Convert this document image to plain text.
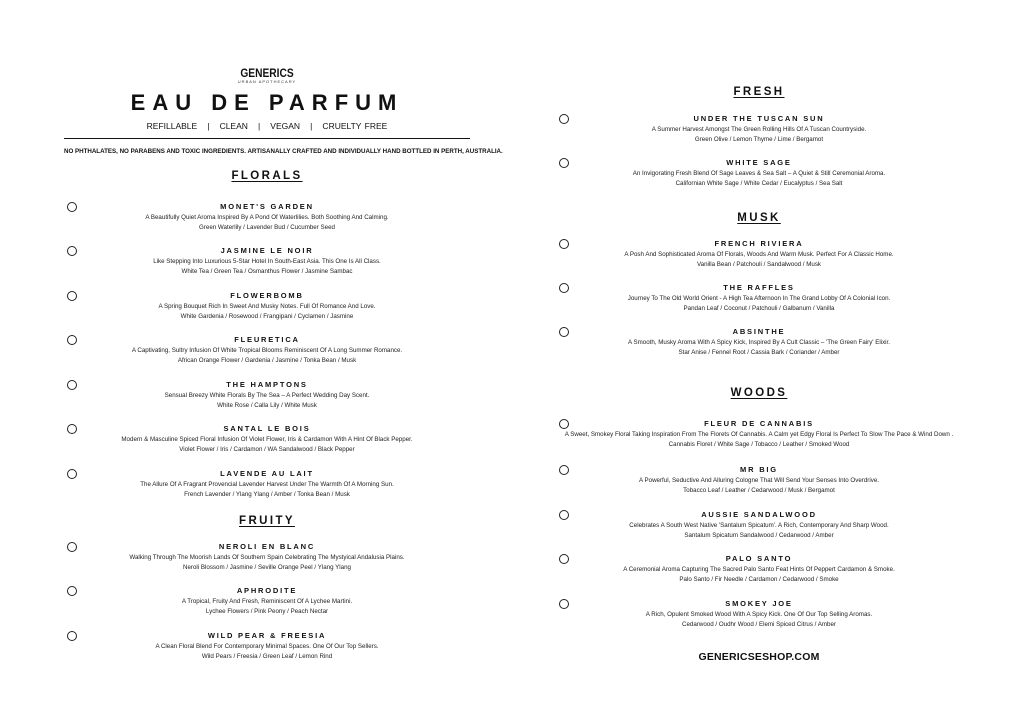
GENERICS
URBAN APOTHECARY
EAU DE PARFUM
REFILLABLE   |   CLEAN   |   VEGAN   |   CRUELTY FREE
NO PHTHALATES, NO PARABENS AND TOXIC INGREDIENTS. ARTISANALLY CRAFTED AND INDIVIDUALLY HAND BOTTLED IN PERTH, AUSTRALIA.
FLORALS
MONET'S GARDEN
A Beautifully Quiet Aroma Inspired By A Pond Of Waterlilies. Both Soothing And Calming.
Green Waterlily / Lavender Bud / Cucumber Seed
JASMINE LE NOIR
Like Stepping Into Luxurious 5-Star Hotel In South-East Asia. This One Is All Class.
White Tea / Green Tea / Osmanthus Flower / Jasmine Sambac
FLOWERBOMB
A Spring Bouquet Rich In Sweet And Musky Notes. Full Of Romance And Love.
White Gardenia / Rosewood / Frangipani / Cyclamen / Jasmine
FLEURETICA
A Captivating, Sultry Infusion Of White Tropical Blooms Reminiscent Of A Long Summer Romance.
African Orange Flower / Gardenia / Jasmine / Tonka Bean / Musk
THE HAMPTONS
Sensual Breezy White Florals By The Sea – A Perfect Wedding Day Scent.
White Rose / Calla Lily / White Musk
SANTAL LE BOIS
Modern & Masculine Spiced Floral Infusion Of Violet Flower, Iris & Cardamon With A Hint Of Black Pepper.
Violet Flower / Iris / Cardamon / WA Sandalwood / Black Pepper
LAVENDE AU LAIT
The Allure Of A Fragrant Provencial Lavender Harvest Under The Warmth Of A Morning Sun.
French Lavender / Ylang Ylang / Amber / Tonka Bean / Musk
FRUITY
NEROLI EN BLANC
Walking Through The Moorish Lands Of Southern Spain Celebrating The Mystyical Andalusia Plains.
Neroli Blossom / Jasmine / Seville Orange Peel / Ylang Ylang
APHRODITE
A Tropical, Fruity And Fresh, Reminiscent Of A Lychee Martini.
Lychee Flowers / Pink Peony / Peach Nectar
WILD PEAR & FREESIA
A Clean Floral Blend For Contemporary Minimal Spaces. One Of Our Top Sellers.
Wild Pears / Freesia / Green Leaf / Lemon Rind
FRESH
UNDER THE TUSCAN SUN
A Summer Harvest Amongst The Green Rolling Hills Of A Tuscan Countryside.
Green Olive / Lemon Thyme / Lime / Bergamot
WHITE SAGE
An Invigorating Fresh Blend Of Sage Leaves & Sea Salt – A Quiet & Still Ceremonial Aroma.
Californian White Sage / White Cedar / Eucalyptus / Sea Salt
MUSK
FRENCH RIVIERA
A Posh And Sophisticated Aroma Of Florals, Woods And Warm Musk. Perfect For A Classic Home.
Vanilla Bean / Patchouli / Sandalwood / Musk
THE RAFFLES
Journey To The Old World Orient - A High Tea Afternoon In The Grand Lobby Of A Colonial Icon.
Pandan Leaf / Coconut / Patchouli / Galbanum / Vanilla
ABSINTHE
A Smooth, Musky Aroma With A Spicy Kick, Inspired By A Cult Classic – 'The Green Fairy' Elixir.
Star Anise / Fennel Root / Cassia Bark / Coriander / Amber
WOODS
FLEUR DE CANNABIS
A Sweet, Smokey Floral Taking Inspiration From The Florets Of Cannabis. A Calm yet Edgy Floral Is Perfect To Slow The Pace & Wind Down .
Cannabis Floret / White Sage / Tobacco / Leather / Smoked Wood
MR BIG
A Powerful, Seductive And Alluring Cologne That Will Send Your Senses Into Overdrive.
Tobacco Leaf / Leather / Cedarwood / Musk / Bergamot
AUSSIE SANDALWOOD
Celebrates A South West Native 'Santalum Spicatum'. A Rich, Contemporary And Sharp Wood.
Santalum Spicatum Sandalwood / Cedarwood / Amber
PALO SANTO
A Ceremonial Aroma Capturing The Sacred Palo Santo Feat Hints Of Peppert Cardamon & Smoke.
Palo Santo / Fir Needle / Cardamon / Cedarwood / Smoke
SMOKEY JOE
A Rich, Opulent Smoked Wood With A Spicy Kick. One Of Our Top Selling Aromas.
Cedarwood / Oudhr Wood / Elemi Spiced Citrus / Amber
GENERICSESHOP.COM
